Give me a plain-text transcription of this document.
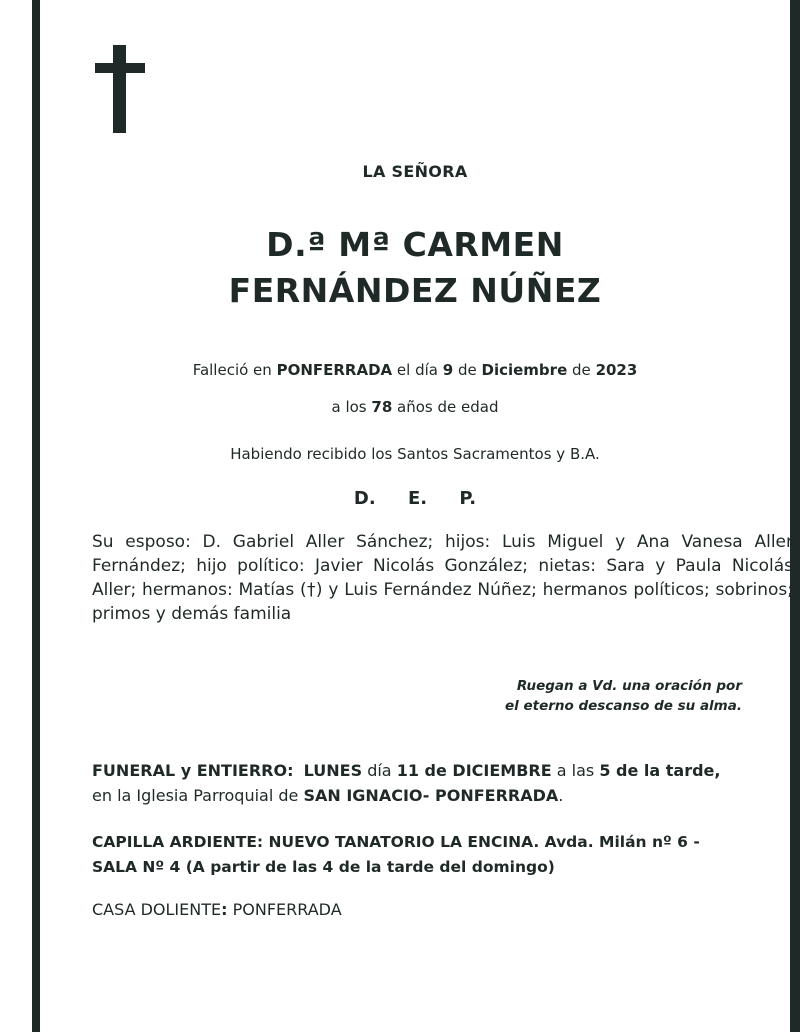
LA SEÑORA
D.ª Mª CARMEN
FERNÁNDEZ NÚÑEZ
Falleció en PONFERRADA el día 9 de Diciembre de 2023
a los 78 años de edad
Habiendo recibido los Santos Sacramentos y B.A.
D. E. P.
Su esposo: D. Gabriel Aller Sánchez; hijos: Luis Miguel y Ana Vanesa Aller Fernández; hijo político: Javier Nicolás González; nietas: Sara y Paula Nicolás Aller; hermanos: Matías (†) y Luis Fernández Núñez; hermanos políticos; sobrinos; primos y demás familia
Ruegan a Vd. una oración por
el eterno descanso de su alma.
FUNERAL y ENTIERRO: LUNES día 11 de DICIEMBRE a las 5 de la tarde,
en la Iglesia Parroquial de SAN IGNACIO- PONFERRADA.
CAPILLA ARDIENTE: NUEVO TANATORIO LA ENCINA. Avda. Milán nº 6 -
SALA Nº 4 (A partir de las 4 de la tarde del domingo)
CASA DOLIENTE: PONFERRADA
